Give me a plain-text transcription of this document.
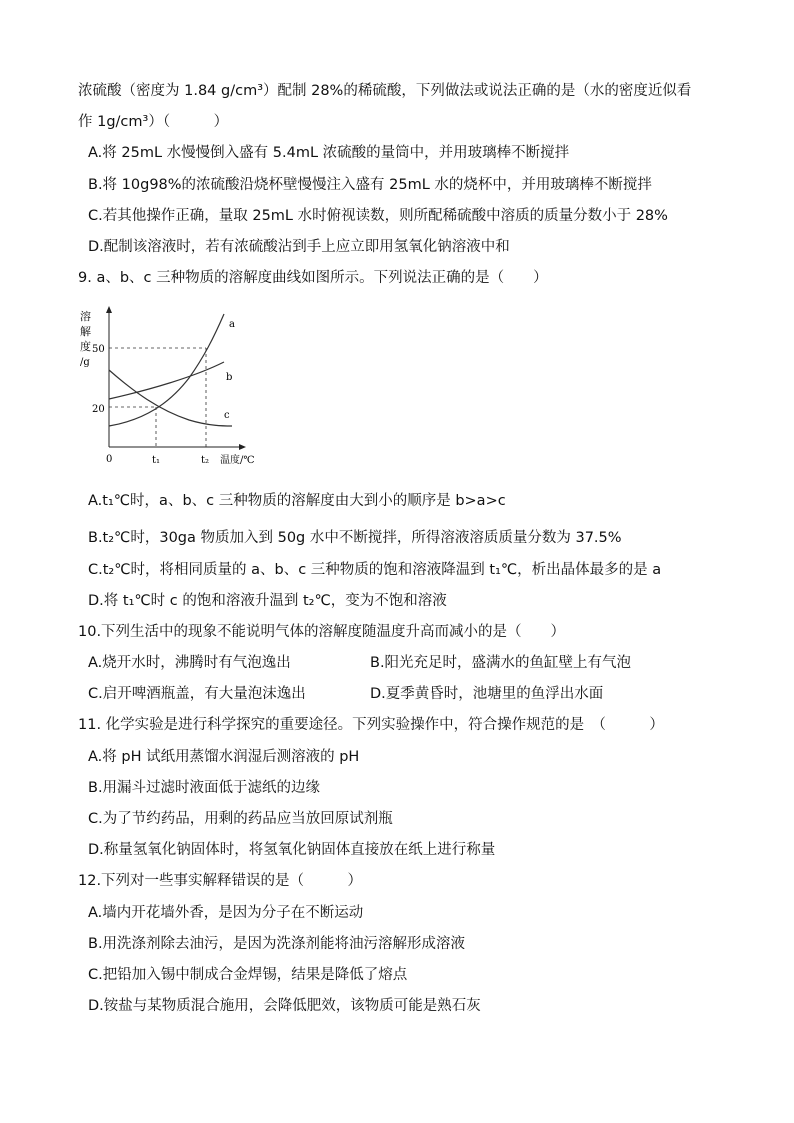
浓硫酸（密度为 1.84 g/cm³）配制 28%的稀硫酸，下列做法或说法正确的是（水的密度近似看
作 1g/cm³）（　　　）
A.将 25mL 水慢慢倒入盛有 5.4mL 浓硫酸的量筒中，并用玻璃棒不断搅拌
B.将 10g98%的浓硫酸沿烧杯壁慢慢注入盛有 25mL 水的烧杯中，并用玻璃棒不断搅拌
C.若其他操作正确，量取 25mL 水时俯视读数，则所配稀硫酸中溶质的质量分数小于 28%
D.配制该溶液时，若有浓硫酸沾到手上应立即用氢氧化钠溶液中和
9. a、b、c 三种物质的溶解度曲线如图所示。下列说法正确的是（　　）
溶
解
度
/g
50
20
0	t₁	t₂ 温度/℃
a
b
c
A.t₁℃时，a、b、c 三种物质的溶解度由大到小的顺序是 b>a>c
B.t₂℃时，30ga 物质加入到 50g 水中不断搅拌，所得溶液溶质质量分数为 37.5%
C.t₂℃时，将相同质量的 a、b、c 三种物质的饱和溶液降温到 t₁℃，析出晶体最多的是 a
D.将 t₁℃时 c 的饱和溶液升温到 t₂℃，变为不饱和溶液
10.下列生活中的现象不能说明气体的溶解度随温度升高而减小的是（　　）
A.烧开水时，沸腾时有气泡逸出	B.阳光充足时，盛满水的鱼缸壁上有气泡
C.启开啤酒瓶盖，有大量泡沫逸出	D.夏季黄昏时，池塘里的鱼浮出水面
11. 化学实验是进行科学探究的重要途径。下列实验操作中，符合操作规范的是　（　　　）
A.将 pH 试纸用蒸馏水润湿后测溶液的 pH
B.用漏斗过滤时液面低于滤纸的边缘
C.为了节约药品，用剩的药品应当放回原试剂瓶
D.称量氢氧化钠固体时，将氢氧化钠固体直接放在纸上进行称量
12.下列对一些事实解释错误的是（　　　）
A.墙内开花墙外香，是因为分子在不断运动
B.用洗涤剂除去油污，是因为洗涤剂能将油污溶解形成溶液
C.把铅加入锡中制成合金焊锡，结果是降低了熔点
D.铵盐与某物质混合施用，会降低肥效，该物质可能是熟石灰
